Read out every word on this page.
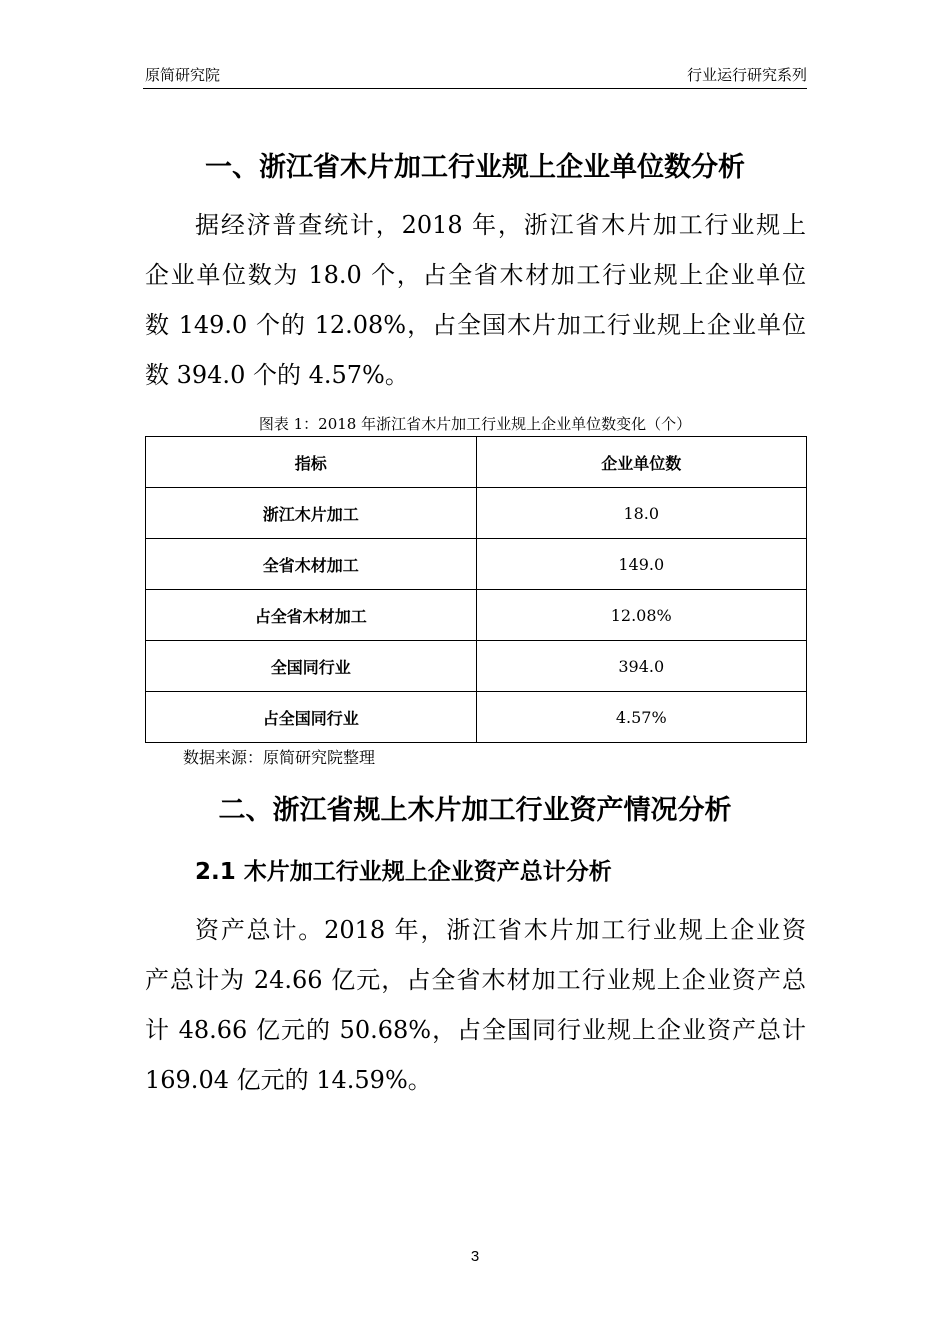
原简研究院	行业运行研究系列
一、浙江省木片加工行业规上企业单位数分析
据经济普查统计，2018 年，浙江省木片加工行业规上
企业单位数为 18.0 个，占全省木材加工行业规上企业单位
数 149.0 个的 12.08%，占全国木片加工行业规上企业单位
数 394.0 个的 4.57%。
图表 1：2018 年浙江省木片加工行业规上企业单位数变化（个）
指标	企业单位数
浙江木片加工	18.0
全省木材加工	149.0
占全省木材加工	12.08%
全国同行业	394.0
占全国同行业	4.57%
数据来源：原简研究院整理
二、浙江省规上木片加工行业资产情况分析
2.1 木片加工行业规上企业资产总计分析
资产总计。2018 年，浙江省木片加工行业规上企业资
产总计为 24.66 亿元，占全省木材加工行业规上企业资产总
计 48.66 亿元的 50.68%，占全国同行业规上企业资产总计
169.04 亿元的 14.59%。
3
